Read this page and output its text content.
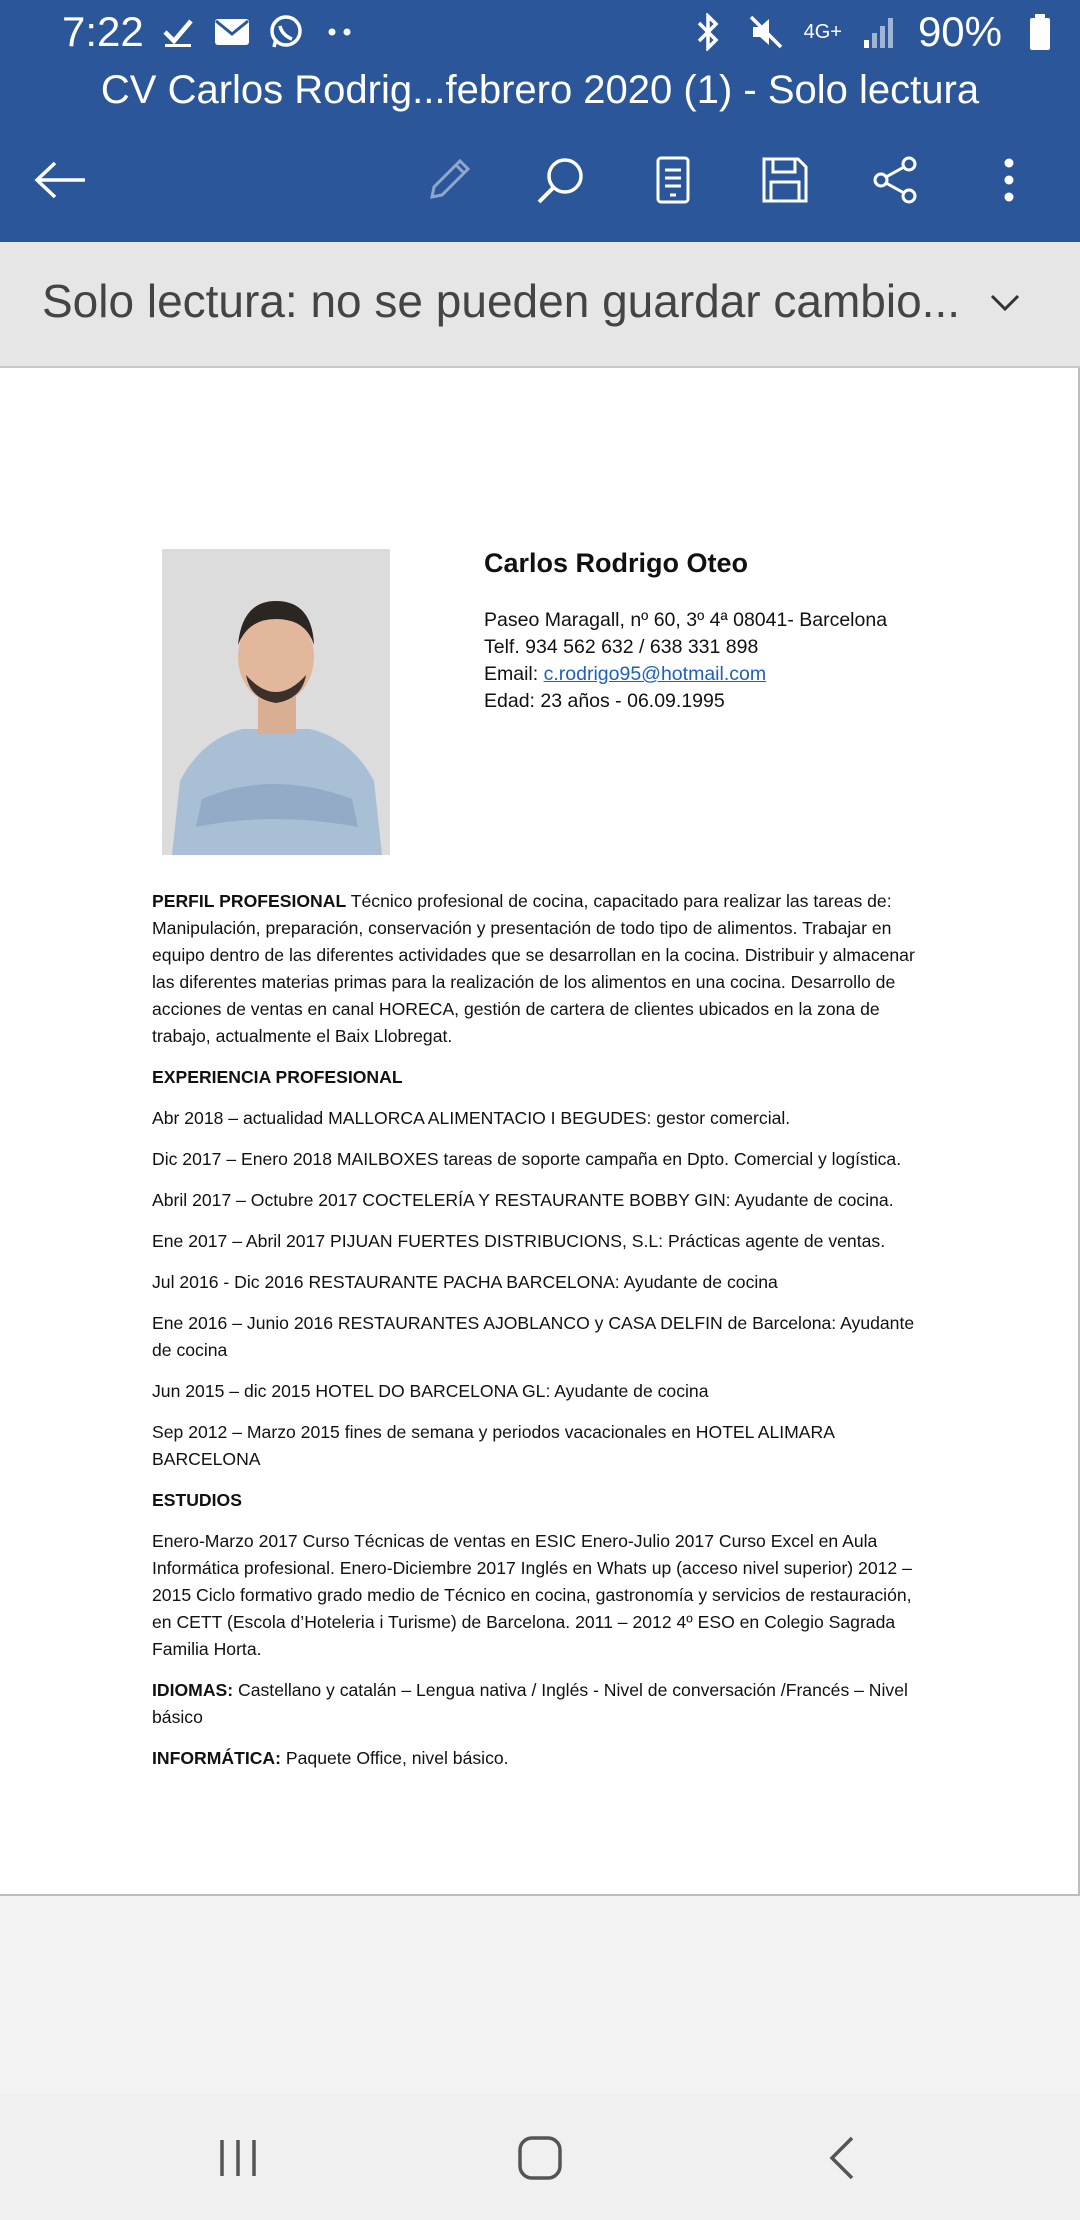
7:22	4G+ 90%
CV Carlos Rodrig...febrero 2020 (1) - Solo lectura
Solo lectura: no se pueden guardar cambio...
Carlos Rodrigo Oteo
Paseo Maragall, nº 60, 3º 4ª 08041- Barcelona
Telf. 934 562 632 / 638 331 898
Email: c.rodrigo95@hotmail.com
Edad: 23 años - 06.09.1995

PERFIL PROFESIONAL Técnico profesional de cocina, capacitado para realizar las tareas de: Manipulación, preparación, conservación y presentación de todo tipo de alimentos. Trabajar en equipo dentro de las diferentes actividades que se desarrollan en la cocina. Distribuir y almacenar las diferentes materias primas para la realización de los alimentos en una cocina. Desarrollo de acciones de ventas en canal HORECA, gestión de cartera de clientes ubicados en la zona de trabajo, actualmente el Baix Llobregat.

EXPERIENCIA PROFESIONAL

Abr 2018 – actualidad MALLORCA ALIMENTACIO I BEGUDES: gestor comercial.

Dic 2017 – Enero 2018 MAILBOXES tareas de soporte campaña en Dpto. Comercial y logística.

Abril 2017 – Octubre 2017 COCTELERÍA Y RESTAURANTE BOBBY GIN: Ayudante de cocina.

Ene 2017 – Abril 2017 PIJUAN FUERTES DISTRIBUCIONS, S.L: Prácticas agente de ventas.

Jul 2016 - Dic 2016 RESTAURANTE PACHA BARCELONA: Ayudante de cocina

Ene 2016 – Junio 2016 RESTAURANTES AJOBLANCO y CASA DELFIN de Barcelona: Ayudante de cocina

Jun 2015 – dic 2015 HOTEL DO BARCELONA GL: Ayudante de cocina

Sep 2012 – Marzo 2015 fines de semana y periodos vacacionales en HOTEL ALIMARA BARCELONA

ESTUDIOS

Enero-Marzo 2017 Curso Técnicas de ventas en ESIC Enero-Julio 2017 Curso Excel en Aula Informática profesional. Enero-Diciembre 2017 Inglés en Whats up (acceso nivel superior) 2012 – 2015 Ciclo formativo grado medio de Técnico en cocina, gastronomía y servicios de restauración, en CETT (Escola d’Hoteleria i Turisme) de Barcelona. 2011 – 2012 4º ESO en Colegio Sagrada Familia Horta.

IDIOMAS: Castellano y catalán – Lengua nativa / Inglés - Nivel de conversación /Francés – Nivel básico

INFORMÁTICA: Paquete Office, nivel básico.
